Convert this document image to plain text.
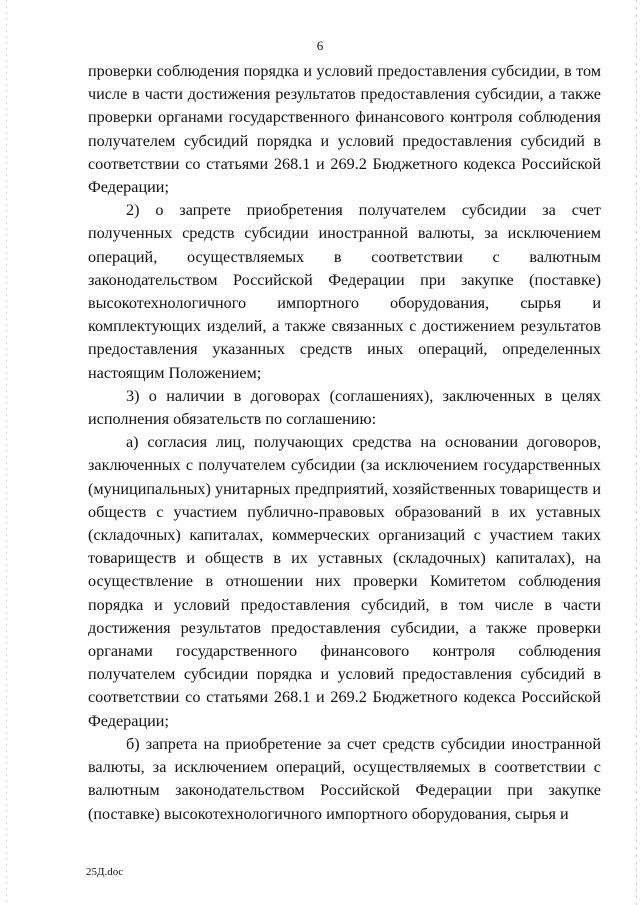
6

проверки соблюдения порядка и условий предоставления субсидии, в том числе в части достижения результатов предоставления субсидии, а также проверки органами государственного финансового контроля соблюдения получателем субсидий порядка и условий предоставления субсидий в соответствии со статьями 268.1 и 269.2 Бюджетного кодекса Российской Федерации;

2) о запрете приобретения получателем субсидии за счет полученных средств субсидии иностранной валюты, за исключением операций, осуществляемых в соответствии с валютным законодательством Российской Федерации при закупке (поставке) высокотехнологичного импортного оборудования, сырья и комплектующих изделий, а также связанных с достижением результатов предоставления указанных средств иных операций, определенных настоящим Положением;

3) о наличии в договорах (соглашениях), заключенных в целях исполнения обязательств по соглашению:

а) согласия лиц, получающих средства на основании договоров, заключенных с получателем субсидии (за исключением государственных (муниципальных) унитарных предприятий, хозяйственных товариществ и обществ с участием публично-правовых образований в их уставных (складочных) капиталах, коммерческих организаций с участием таких товариществ и обществ в их уставных (складочных) капиталах), на осуществление в отношении них проверки Комитетом соблюдения порядка и условий предоставления субсидий, в том числе в части достижения результатов предоставления субсидии, а также проверки органами государственного финансового контроля соблюдения получателем субсидии порядка и условий предоставления субсидий в соответствии со статьями 268.1 и 269.2 Бюджетного кодекса Российской Федерации;

б) запрета на приобретение за счет средств субсидии иностранной валюты, за исключением операций, осуществляемых в соответствии с валютным законодательством Российской Федерации при закупке (поставке) высокотехнологичного импортного оборудования, сырья и

25Д.doc
